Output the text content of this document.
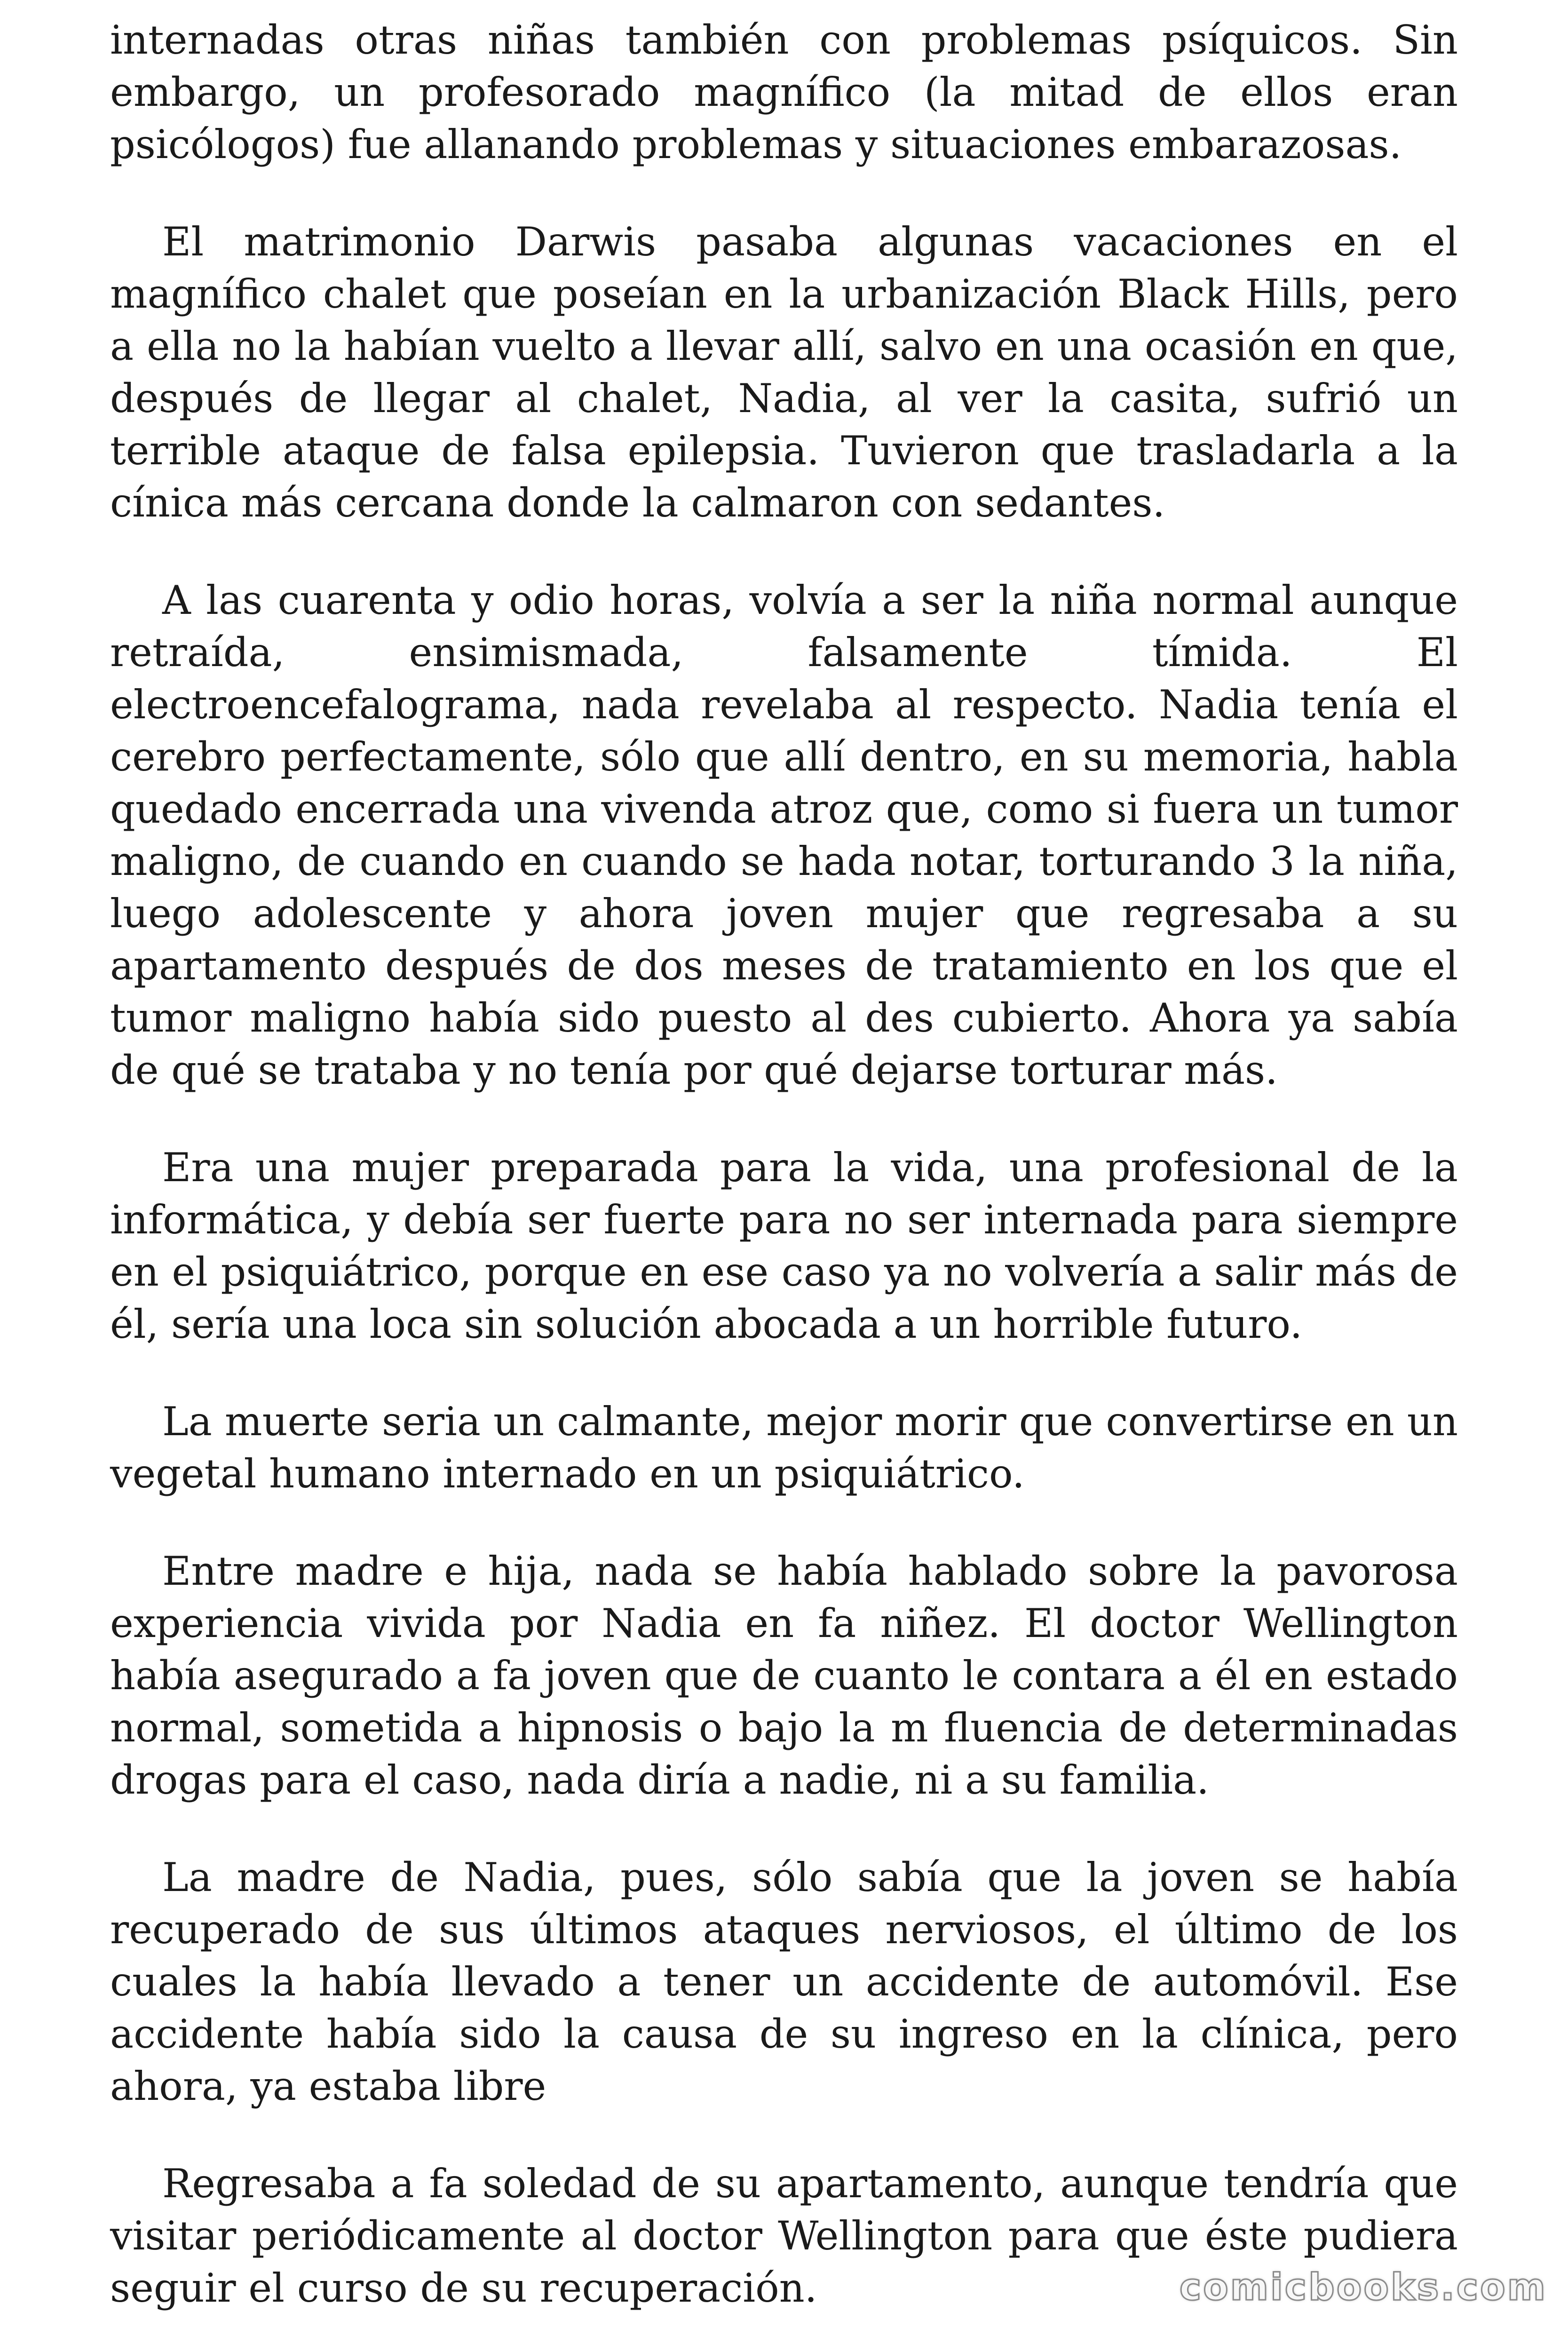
internadas otras niñas también con problemas psíquicos. Sin embargo, un profesorado magnífico (la mitad de ellos eran psicólogos) fue allanando problemas y situaciones embarazosas.

El matrimonio Darwis pasaba algunas vacaciones en el magnífico chalet que poseían en la urbanización Black Hills, pero a ella no la habían vuelto a llevar allí, salvo en una ocasión en que, después de llegar al chalet, Nadia, al ver la casita, sufrió un terrible ataque de falsa epilepsia. Tuvieron que trasladarla a la cínica más cercana donde la calmaron con sedantes.

A las cuarenta y odio horas, volvía a ser la niña normal aunque retraída, ensimismada, falsamente tímida. El electroencefalograma, nada revelaba al respecto. Nadia tenía el cerebro perfectamente, sólo que allí dentro, en su memoria, habla quedado encerrada una vivenda atroz que, como si fuera un tumor maligno, de cuando en cuando se hada notar, torturando 3 la niña, luego adolescente y ahora joven mujer que regresaba a su apartamento después de dos meses de tratamiento en los que el tumor maligno había sido puesto al des cubierto. Ahora ya sabía de qué se trataba y no tenía por qué dejarse torturar más.

Era una mujer preparada para la vida, una profesional de la informática, y debía ser fuerte para no ser internada para siempre en el psiquiátrico, porque en ese caso ya no volvería a salir más de él, sería una loca sin solución abocada a un horrible futuro.

La muerte seria un calmante, mejor morir que convertirse en un vegetal humano internado en un psiquiátrico.

Entre madre e hija, nada se había hablado sobre la pavorosa experiencia vivida por Nadia en fa niñez. El doctor Wellington había asegurado a fa joven que de cuanto le contara a él en estado normal, sometida a hipnosis o bajo la m fluencia de determinadas drogas para el caso, nada diría a nadie, ni a su familia.

La madre de Nadia, pues, sólo sabía que la joven se había recuperado de sus últimos ataques nerviosos, el último de los cuales la había llevado a tener un accidente de automóvil. Ese accidente había sido la causa de su ingreso en la clínica, pero ahora, ya estaba libre

Regresaba a fa soledad de su apartamento, aunque tendría que visitar periódicamente al doctor Wellington para que éste pudiera seguir el curso de su recuperación.	comicbooks.com
